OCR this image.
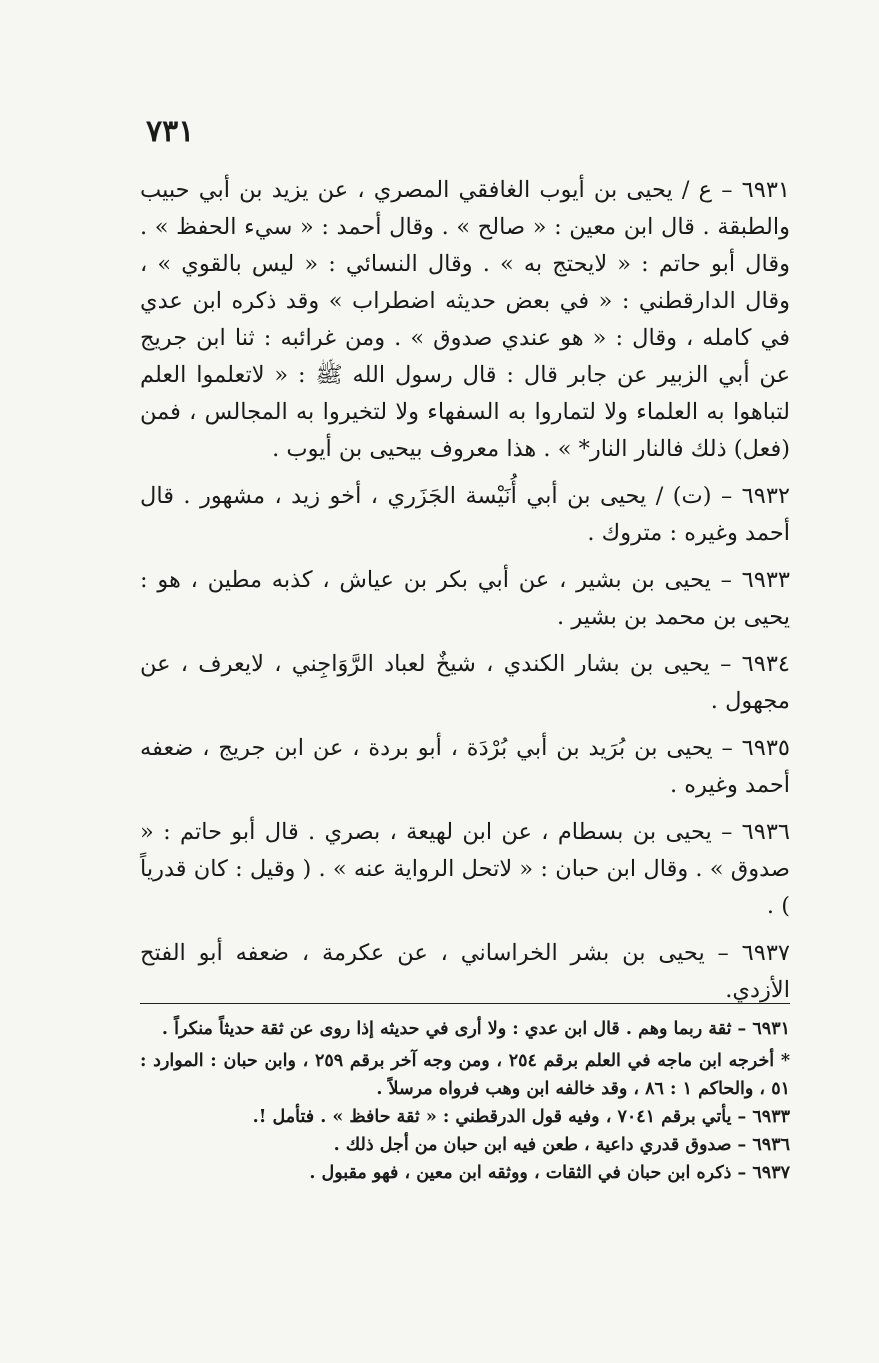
٧٣١
٦٩٣١ – ع / يحيى بن أيوب الغافقي المصري ، عن يزيد بن أبي حبيب والطبقة . قال ابن معين : « صالح » . وقال أحمد : « سيء الحفظ » . وقال أبو حاتم : « لايحتج به » . وقال النسائي : « ليس بالقوي » ، وقال الدارقطني : « في بعض حديثه اضطراب » وقد ذكره ابن عدي في كامله ، وقال : « هو عندي صدوق » . ومن غرائبه : ثنا ابن جريج عن أبي الزبير عن جابر قال : قال رسول الله ﷺ : « لاتعلموا العلم لتباهوا به العلماء ولا لتماروا به السفهاء ولا لتخيروا به المجالس ، فمن (فعل) ذلك فالنار النار* » . هذا معروف بيحيى بن أيوب .
٦٩٣٢ – (ت) / يحيى بن أبي أُنَيْسة الجَزَري ، أخو زيد ، مشهور . قال أحمد وغيره : متروك .
٦٩٣٣ – يحيى بن بشير ، عن أبي بكر بن عياش ، كذبه مطين ، هو : يحيى بن محمد بن بشير .
٦٩٣٤ – يحيى بن بشار الكندي ، شيخٌ لعباد الرَّوَاجِني ، لايعرف ، عن مجهول .
٦٩٣٥ – يحيى بن بُرَيد بن أبي بُرْدَة ، أبو بردة ، عن ابن جريج ، ضعفه أحمد وغيره .
٦٩٣٦ – يحيى بن بسطام ، عن ابن لهيعة ، بصري . قال أبو حاتم : « صدوق » . وقال ابن حبان : « لاتحل الرواية عنه » . ( وقيل : كان قدرياً ) .
٦٩٣٧ – يحيى بن بشر الخراساني ، عن عكرمة ، ضعفه أبو الفتح الأزدي.
٦٩٣١ – ثقة ربما وهم . قال ابن عدي : ولا أرى في حديثه إذا روى عن ثقة حديثاً منكراً .
* أخرجه ابن ماجه في العلم برقم ٢٥٤ ، ومن وجه آخر برقم ٢٥٩ ، وابن حبان : الموارد : ٥١ ، والحاكم ١ : ٨٦ ، وقد خالفه ابن وهب فرواه مرسلاً .
٦٩٣٣ – يأتي برقم ٧٠٤١ ، وفيه قول الدرقطني : « ثقة حافظ » . فتأمل !.
٦٩٣٦ – صدوق قدري داعية ، طعن فيه ابن حبان من أجل ذلك .
٦٩٣٧ – ذكره ابن حبان في الثقات ، ووثقه ابن معين ، فهو مقبول .
